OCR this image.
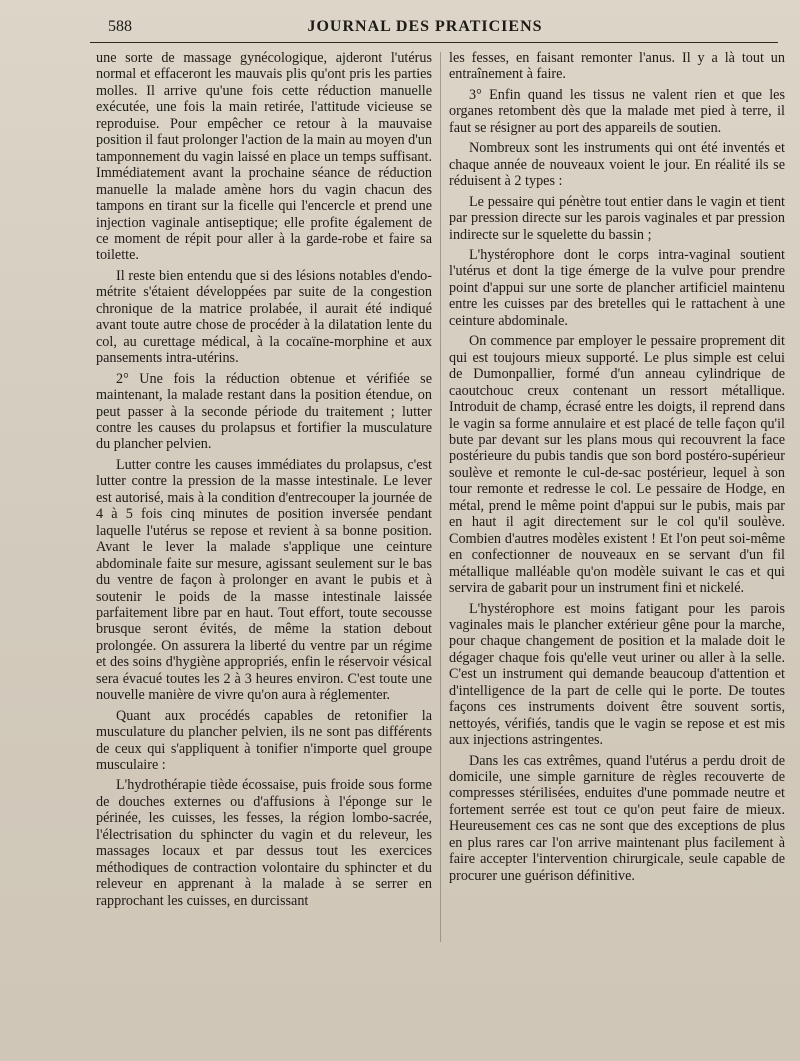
588	JOURNAL DES PRATICIENS

une sorte de massage gynécologique, ajderont l'utérus normal et effaceront les mauvais plis qu'ont pris les parties molles. Il arrive qu'une fois cette réduction manuelle exécutée, une fois la main retirée, l'attitude vicieuse se reproduise. Pour empêcher ce retour à la mauvaise position il faut prolonger l'action de la main au moyen d'un tamponnement du vagin laissé en place un temps suffisant. Immédiatement avant la prochaine séance de réduction manuelle la malade amène hors du vagin chacun des tampons en tirant sur la ficelle qui l'encercle et prend une injection vaginale antiseptique; elle profite également de ce moment de répit pour aller à la garde-robe et faire sa toilette.

Il reste bien entendu que si des lésions notables d'endo-métrite s'étaient développées par suite de la congestion chronique de la matrice prolabée, il aurait été indiqué avant toute autre chose de procéder à la dilatation lente du col, au curettage médical, à la cocaïne-morphine et aux pansements intra-utérins.

2° Une fois la réduction obtenue et vérifiée se maintenant, la malade restant dans la position étendue, on peut passer à la seconde période du traitement ; lutter contre les causes du prolapsus et fortifier la musculature du plancher pelvien.

Lutter contre les causes immédiates du prolapsus, c'est lutter contre la pression de la masse intestinale. Le lever est autorisé, mais à la condition d'entrecouper la journée de 4 à 5 fois cinq minutes de position inversée pendant laquelle l'utérus se repose et revient à sa bonne position. Avant le lever la malade s'applique une ceinture abdominale faite sur mesure, agissant seulement sur le bas du ventre de façon à prolonger en avant le pubis et à soutenir le poids de la masse intestinale laissée parfaitement libre par en haut. Tout effort, toute secousse brusque seront évités, de même la station debout prolongée. On assurera la liberté du ventre par un régime et des soins d'hygiène appropriés, enfin le réservoir vésical sera évacué toutes les 2 à 3 heures environ. C'est toute une nouvelle manière de vivre qu'on aura à réglementer.

Quant aux procédés capables de retonifier la musculature du plancher pelvien, ils ne sont pas différents de ceux qui s'appliquent à tonifier n'importe quel groupe musculaire :

L'hydrothérapie tiède écossaise, puis froide sous forme de douches externes ou d'affusions à l'éponge sur le périnée, les cuisses, les fesses, la région lombo-sacrée, l'électrisation du sphincter du vagin et du releveur, les massages locaux et par dessus tout les exercices méthodiques de contraction volontaire du sphincter et du releveur en apprenant à la malade à se serrer en rapprochant les cuisses, en durcissant

les fesses, en faisant remonter l'anus. Il y a là tout un entraînement à faire.

3° Enfin quand les tissus ne valent rien et que les organes retombent dès que la malade met pied à terre, il faut se résigner au port des appareils de soutien.

Nombreux sont les instruments qui ont été inventés et chaque année de nouveaux voient le jour. En réalité ils se réduisent à 2 types :

Le pessaire qui pénètre tout entier dans le vagin et tient par pression directe sur les parois vaginales et par pression indirecte sur le squelette du bassin ;

L'hystérophore dont le corps intra-vaginal soutient l'utérus et dont la tige émerge de la vulve pour prendre point d'appui sur une sorte de plancher artificiel maintenu entre les cuisses par des bretelles qui le rattachent à une ceinture abdominale.

On commence par employer le pessaire proprement dit qui est toujours mieux supporté. Le plus simple est celui de Dumonpallier, formé d'un anneau cylindrique de caoutchouc creux contenant un ressort métallique. Introduit de champ, écrasé entre les doigts, il reprend dans le vagin sa forme annulaire et est placé de telle façon qu'il bute par devant sur les plans mous qui recouvrent la face postérieure du pubis tandis que son bord postéro-supérieur soulève et remonte le cul-de-sac postérieur, lequel à son tour remonte et redresse le col. Le pessaire de Hodge, en métal, prend le même point d'appui sur le pubis, mais par en haut il agit directement sur le col qu'il soulève. Combien d'autres modèles existent ! Et l'on peut soi-même en confectionner de nouveaux en se servant d'un fil métallique malléable qu'on modèle suivant le cas et qui servira de gabarit pour un instrument fini et nickelé.

L'hystérophore est moins fatigant pour les parois vaginales mais le plancher extérieur gêne pour la marche, pour chaque changement de position et la malade doit le dégager chaque fois qu'elle veut uriner ou aller à la selle. C'est un instrument qui demande beaucoup d'attention et d'intelligence de la part de celle qui le porte. De toutes façons ces instruments doivent être souvent sortis, nettoyés, vérifiés, tandis que le vagin se repose et est mis aux injections astringentes.

Dans les cas extrêmes, quand l'utérus a perdu droit de domicile, une simple garniture de règles recouverte de compresses stérilisées, enduites d'une pommade neutre et fortement serrée est tout ce qu'on peut faire de mieux. Heureusement ces cas ne sont que des exceptions de plus en plus rares car l'on arrive maintenant plus facilement à faire accepter l'intervention chirurgicale, seule capable de procurer une guérison définitive.
